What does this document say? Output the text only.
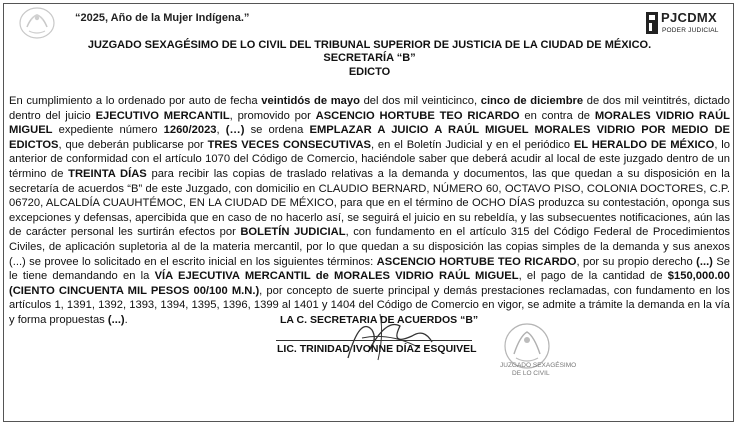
“2025, Año de la Mujer Indígena.”	PJCDMX
PODER JUDICIAL
JUZGADO SEXAGÉSIMO DE LO CIVIL DEL TRIBUNAL SUPERIOR DE JUSTICIA DE LA CIUDAD DE MÉXICO.
SECRETARÍA “B”
EDICTO
En cumplimiento a lo ordenado por auto de fecha veintidós de mayo del dos mil veinticinco, cinco de diciembre de dos mil veintitrés, dictado dentro del juicio EJECUTIVO MERCANTIL, promovido por ASCENCIO HORTUBE TEO RICARDO en contra de MORALES VIDRIO RAÚL MIGUEL expediente número 1260/2023, (…) se ordena EMPLAZAR A JUICIO A RAÚL MIGUEL MORALES VIDRIO POR MEDIO DE EDICTOS, que deberán publicarse por TRES VECES CONSECUTIVAS, en el Boletín Judicial y en el periódico EL HERALDO DE MÉXICO, lo anterior de conformidad con el artículo 1070 del Código de Comercio, haciéndole saber que deberá acudir al local de este juzgado dentro de un término de TREINTA DÍAS para recibir las copias de traslado relativas a la demanda y documentos, las que quedan a su disposición en la secretaría de acuerdos “B” de este Juzgado, con domicilio en CLAUDIO BERNARD, NÚMERO 60, OCTAVO PISO, COLONIA DOCTORES, C.P. 06720, ALCALDÍA CUAUHTÉMOC, EN LA CIUDAD DE MÉXICO, para que en el término de OCHO DÍAS produzca su contestación, oponga sus excepciones y defensas, apercibida que en caso de no hacerlo así, se seguirá el juicio en su rebeldía, y las subsecuentes notificaciones, aún las de carácter personal les surtirán efectos por BOLETÍN JUDICIAL, con fundamento en el artículo 315 del Código Federal de Procedimientos Civiles, de aplicación supletoria al de la materia mercantil, por lo que quedan a su disposición las copias simples de la demanda y sus anexos (...) se provee lo solicitado en el escrito inicial en los siguientes términos: ASCENCIO HORTUBE TEO RICARDO, por su propio derecho (...) Se le tiene demandando en la VÍA EJECUTIVA MERCANTIL de MORALES VIDRIO RAÚL MIGUEL, el pago de la cantidad de $150,000.00 (CIENTO CINCUENTA MIL PESOS 00/100 M.N.), por concepto de suerte principal y demás prestaciones reclamadas, con fundamento en los artículos 1, 1391, 1392, 1393, 1394, 1395, 1396, 1399 al 1401 y 1404 del Código de Comercio en vigor, se admite a trámite la demanda en la vía y forma propuestas (...).	LA C. SECRETARIA DE ACUERDOS “B”
LIC. TRINIDAD IVONNE DÍAZ ESQUIVEL
JUZGADO SEXAGÉSIMO
DE LO CIVIL
